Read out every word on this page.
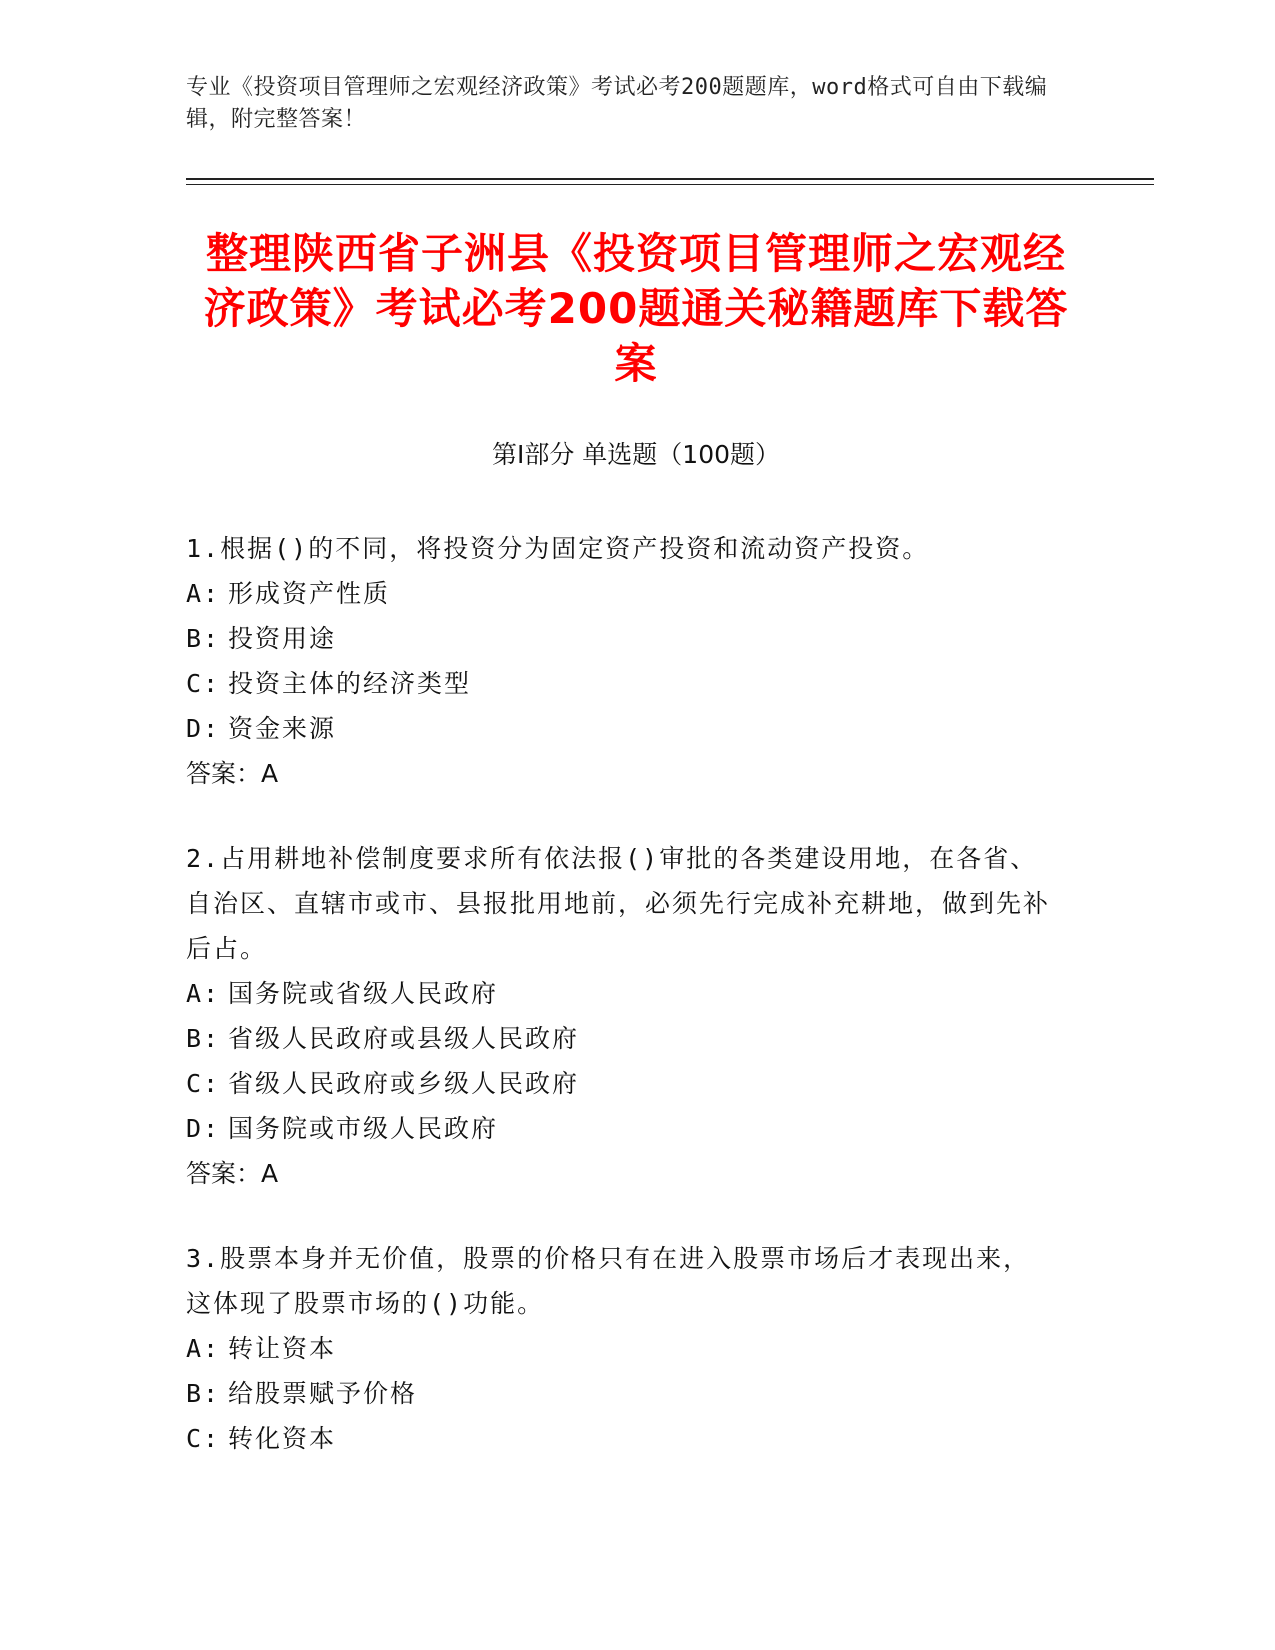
专业《投资项目管理师之宏观经济政策》考试必考200题题库，word格式可自由下载编辑，附完整答案！
整理陕西省子洲县《投资项目管理师之宏观经济政策》考试必考200题通关秘籍题库下载答案
第I部分 单选题（100题）
1.根据()的不同，将投资分为固定资产投资和流动资产投资。
A: 形成资产性质
B: 投资用途
C: 投资主体的经济类型
D: 资金来源
答案：A
2.占用耕地补偿制度要求所有依法报()审批的各类建设用地，在各省、自治区、直辖市或市、县报批用地前，必须先行完成补充耕地，做到先补后占。
A: 国务院或省级人民政府
B: 省级人民政府或县级人民政府
C: 省级人民政府或乡级人民政府
D: 国务院或市级人民政府
答案：A
3.股票本身并无价值，股票的价格只有在进入股票市场后才表现出来，这体现了股票市场的()功能。
A: 转让资本
B: 给股票赋予价格
C: 转化资本
